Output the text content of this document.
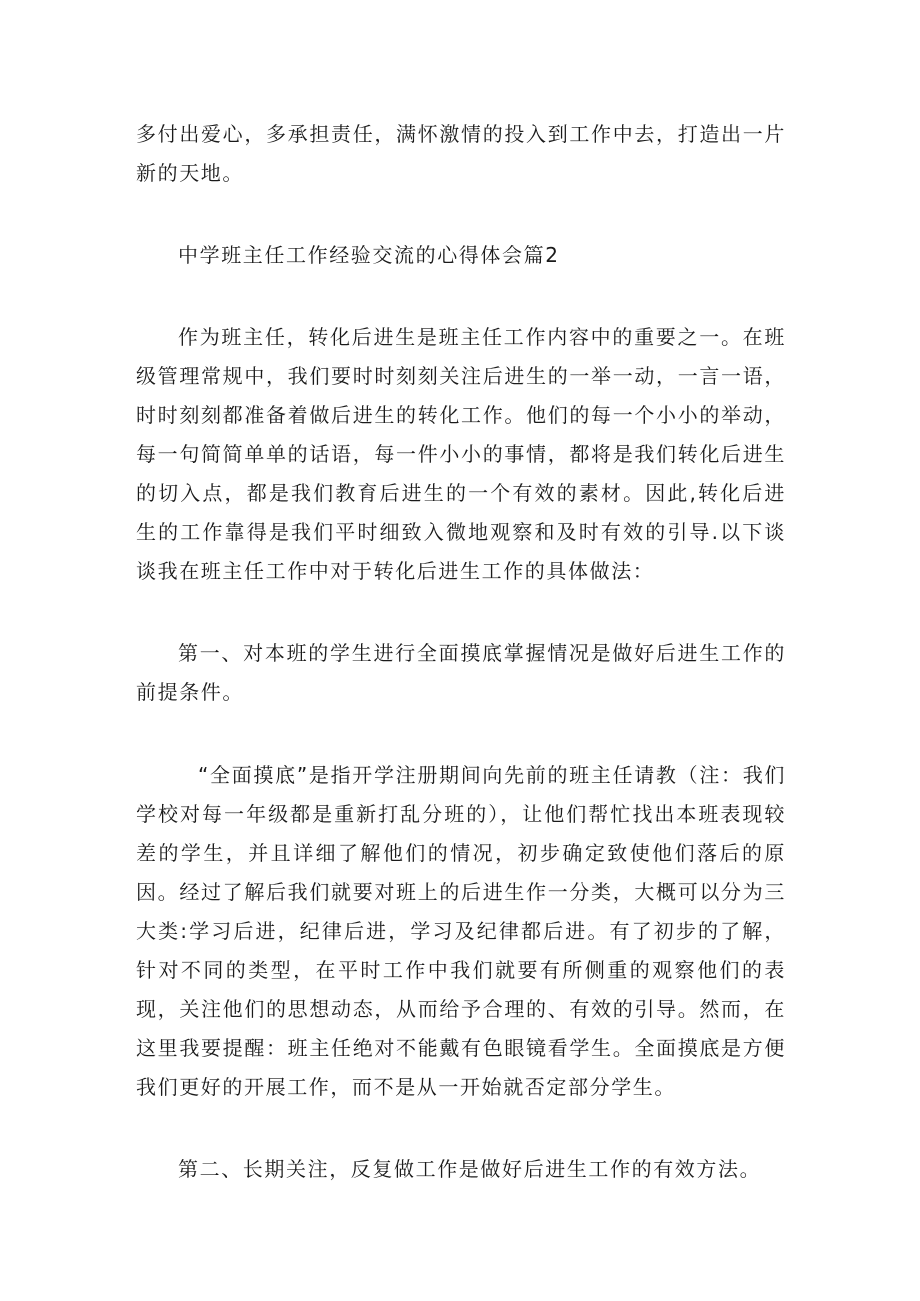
多付出爱心，多承担责任，满怀激情的投入到工作中去，打造出一片新的天地。

中学班主任工作经验交流的心得体会篇2

作为班主任，转化后进生是班主任工作内容中的重要之一。在班级管理常规中，我们要时时刻刻关注后进生的一举一动，一言一语，时时刻刻都准备着做后进生的转化工作。他们的每一个小小的举动，每一句简简单单的话语，每一件小小的事情，都将是我们转化后进生的切入点，都是我们教育后进生的一个有效的素材。因此,转化后进生的工作靠得是我们平时细致入微地观察和及时有效的引导.以下谈谈我在班主任工作中对于转化后进生工作的具体做法：

第一、对本班的学生进行全面摸底掌握情况是做好后进生工作的前提条件。

“全面摸底”是指开学注册期间向先前的班主任请教（注：我们学校对每一年级都是重新打乱分班的），让他们帮忙找出本班表现较差的学生，并且详细了解他们的情况，初步确定致使他们落后的原因。经过了解后我们就要对班上的后进生作一分类，大概可以分为三大类:学习后进，纪律后进，学习及纪律都后进。有了初步的了解，针对不同的类型，在平时工作中我们就要有所侧重的观察他们的表现，关注他们的思想动态，从而给予合理的、有效的引导。然而，在这里我要提醒：班主任绝对不能戴有色眼镜看学生。全面摸底是方便我们更好的开展工作，而不是从一开始就否定部分学生。

第二、长期关注，反复做工作是做好后进生工作的有效方法。
